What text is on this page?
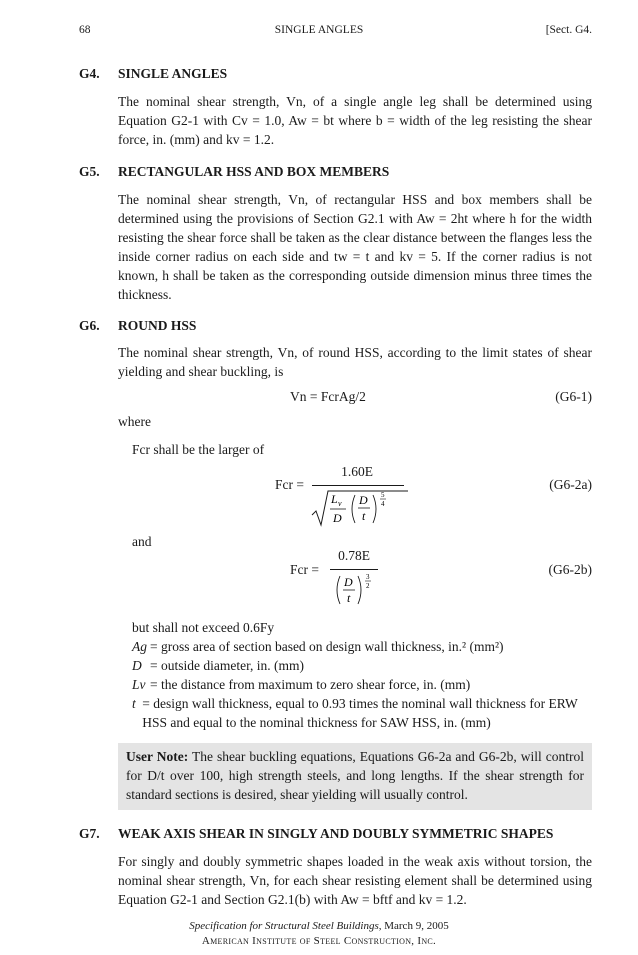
68	SINGLE ANGLES	[Sect. G4.
G4. SINGLE ANGLES
The nominal shear strength, Vn, of a single angle leg shall be determined using Equation G2-1 with Cv = 1.0, Aw = bt where b = width of the leg resisting the shear force, in. (mm) and kv = 1.2.
G5. RECTANGULAR HSS AND BOX MEMBERS
The nominal shear strength, Vn, of rectangular HSS and box members shall be determined using the provisions of Section G2.1 with Aw = 2ht where h for the width resisting the shear force shall be taken as the clear distance between the flanges less the inside corner radius on each side and tw = t and kv = 5. If the corner radius is not known, h shall be taken as the corresponding outside dimension minus three times the thickness.
G6. ROUND HSS
The nominal shear strength, Vn, of round HSS, according to the limit states of shear yielding and shear buckling, is
Vn = FcrAg/2	(G6-1)
where
Fcr shall be the larger of
Fcr =
1.60E
L v
D
D
t
5
4
(G6-2a)
and
Fcr =
0.78E
D
t
3
2
(G6-2b)
but shall not exceed 0.6Fy
Ag = gross area of section based on design wall thickness, in.² (mm²)
D = outside diameter, in. (mm)
Lv = the distance from maximum to zero shear force, in. (mm)
t = design wall thickness, equal to 0.93 times the nominal wall thickness for ERW HSS and equal to the nominal thickness for SAW HSS, in. (mm)
User Note: The shear buckling equations, Equations G6-2a and G6-2b, will control for D/t over 100, high strength steels, and long lengths. If the shear strength for standard sections is desired, shear yielding will usually control.
G7. WEAK AXIS SHEAR IN SINGLY AND DOUBLY SYMMETRIC SHAPES
For singly and doubly symmetric shapes loaded in the weak axis without torsion, the nominal shear strength, Vn, for each shear resisting element shall be determined using Equation G2-1 and Section G2.1(b) with Aw = bftf and kv = 1.2.
Specification for Structural Steel Buildings, March 9, 2005
American Institute of Steel Construction, Inc.
